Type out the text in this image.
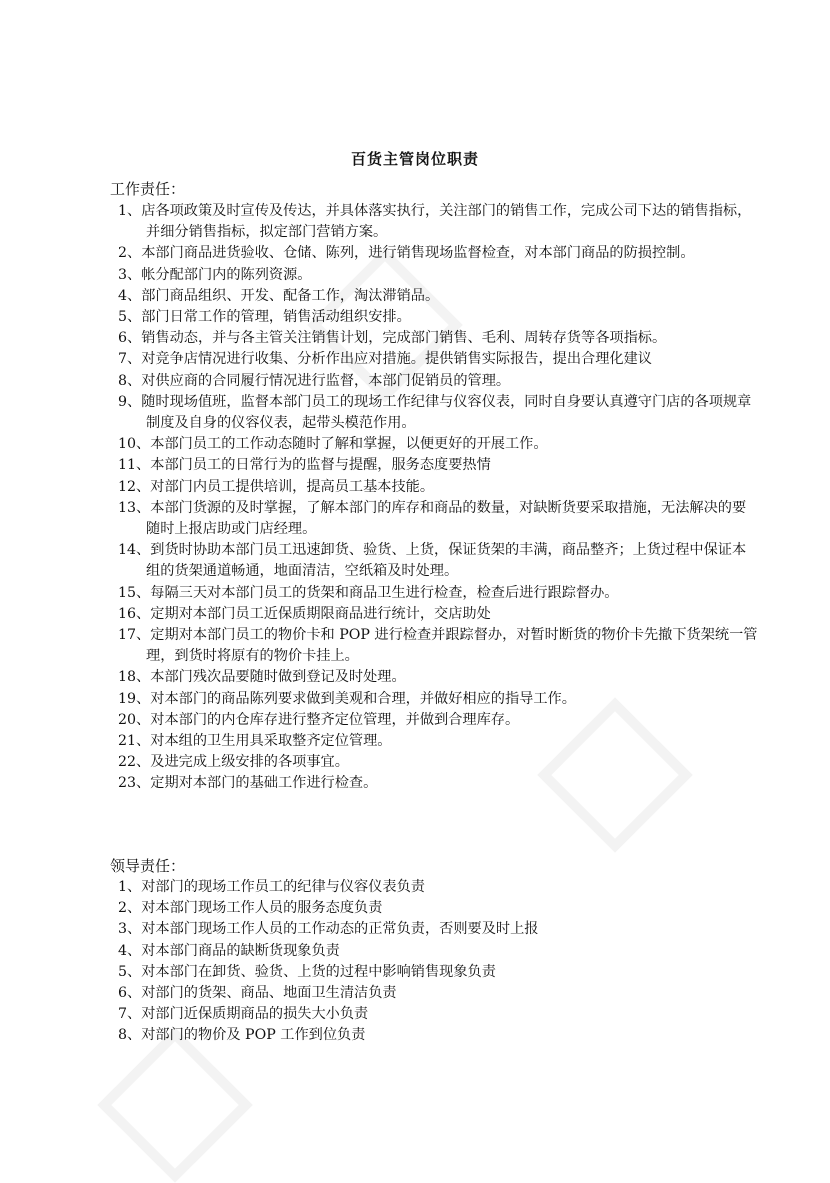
百货主管岗位职责
工作责任：
1、店各项政策及时宣传及传达，并具体落实执行，关注部门的销售工作，完成公司下达的销售指标，并细分销售指标，拟定部门营销方案。
2、本部门商品进货验收、仓储、陈列，进行销售现场监督检查，对本部门商品的防损控制。
3、帐分配部门内的陈列资源。
4、部门商品组织、开发、配备工作，淘汰滞销品。
5、部门日常工作的管理，销售活动组织安排。
6、销售动态，并与各主管关注销售计划，完成部门销售、毛利、周转存货等各项指标。
7、对竞争店情况进行收集、分析作出应对措施。提供销售实际报告，提出合理化建议
8、对供应商的合同履行情况进行监督，本部门促销员的管理。
9、随时现场值班，监督本部门员工的现场工作纪律与仪容仪表，同时自身要认真遵守门店的各项规章制度及自身的仪容仪表，起带头模范作用。
10、本部门员工的工作动态随时了解和掌握，以便更好的开展工作。
11、本部门员工的日常行为的监督与提醒，服务态度要热情
12、对部门内员工提供培训，提高员工基本技能。
13、本部门货源的及时掌握，了解本部门的库存和商品的数量，对缺断货要采取措施，无法解决的要随时上报店助或门店经理。
14、到货时协助本部门员工迅速卸货、验货、上货，保证货架的丰满，商品整齐；上货过程中保证本组的货架通道畅通，地面清洁，空纸箱及时处理。
15、每隔三天对本部门员工的货架和商品卫生进行检查，检查后进行跟踪督办。
16、定期对本部门员工近保质期限商品进行统计，交店助处
17、定期对本部门员工的物价卡和 POP 进行检查并跟踪督办，对暂时断货的物价卡先撤下货架统一管理，到货时将原有的物价卡挂上。
18、本部门残次品要随时做到登记及时处理。
19、对本部门的商品陈列要求做到美观和合理，并做好相应的指导工作。
20、对本部门的内仓库存进行整齐定位管理，并做到合理库存。
21、对本组的卫生用具采取整齐定位管理。
22、及进完成上级安排的各项事宜。
23、定期对本部门的基础工作进行检查。
领导责任：
1、对部门的现场工作员工的纪律与仪容仪表负责
2、对本部门现场工作人员的服务态度负责
3、对本部门现场工作人员的工作动态的正常负责，否则要及时上报
4、对本部门商品的缺断货现象负责
5、对本部门在卸货、验货、上货的过程中影响销售现象负责
6、对部门的货架、商品、地面卫生清洁负责
7、对部门近保质期商品的损失大小负责
8、对部门的物价及 POP 工作到位负责
